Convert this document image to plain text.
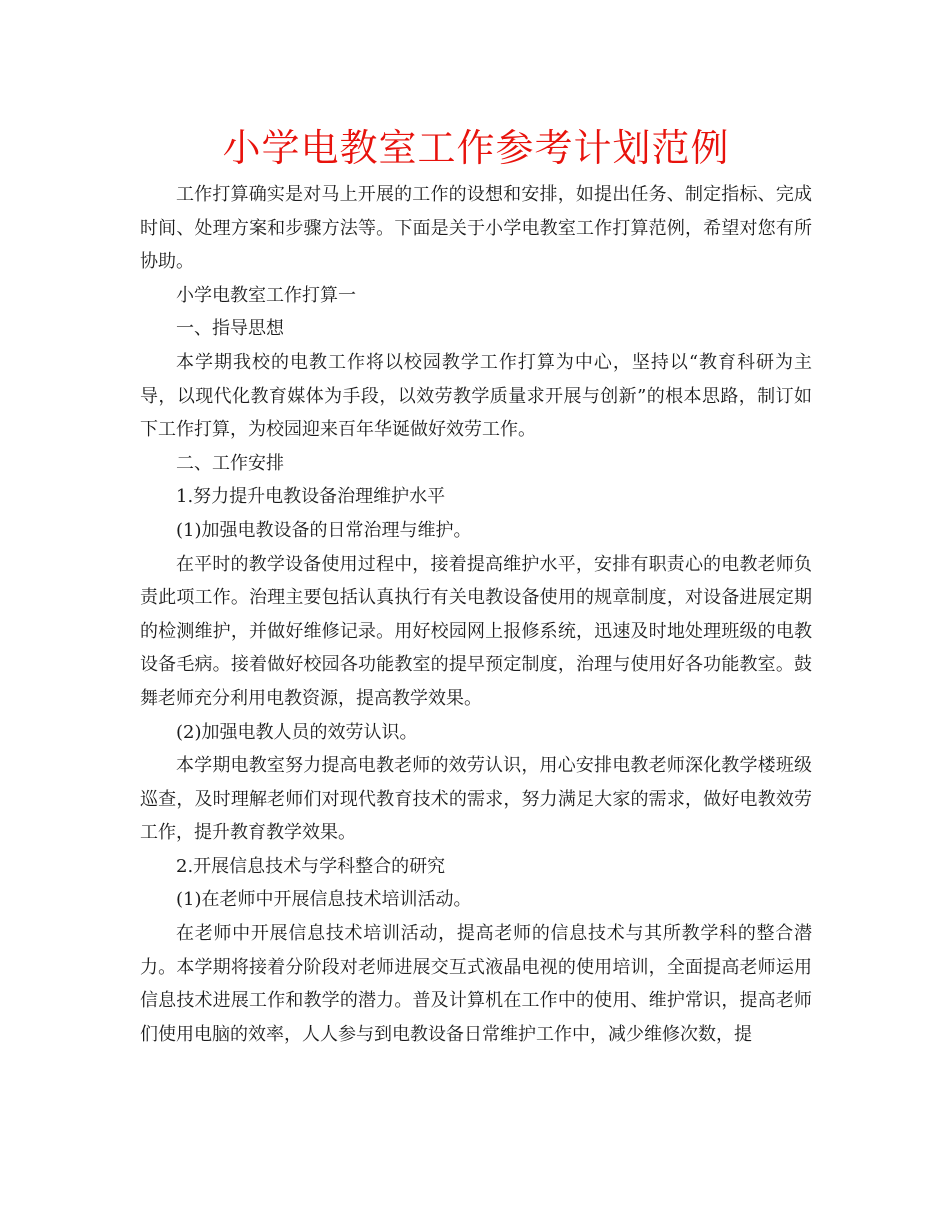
小学电教室工作参考计划范例

工作打算确实是对马上开展的工作的设想和安排，如提出任务、制定指标、完成时间、处理方案和步骤方法等。下面是关于小学电教室工作打算范例，希望对您有所协助。

小学电教室工作打算一

一、指导思想

本学期我校的电教工作将以校园教学工作打算为中心，坚持以“教育科研为主导，以现代化教育媒体为手段，以效劳教学质量求开展与创新”的根本思路，制订如下工作打算，为校园迎来百年华诞做好效劳工作。

二、工作安排

1.努力提升电教设备治理维护水平

(1)加强电教设备的日常治理与维护。

在平时的教学设备使用过程中，接着提高维护水平，安排有职责心的电教老师负责此项工作。治理主要包括认真执行有关电教设备使用的规章制度，对设备进展定期的检测维护，并做好维修记录。用好校园网上报修系统，迅速及时地处理班级的电教设备毛病。接着做好校园各功能教室的提早预定制度，治理与使用好各功能教室。鼓舞老师充分利用电教资源，提高教学效果。

(2)加强电教人员的效劳认识。

本学期电教室努力提高电教老师的效劳认识，用心安排电教老师深化教学楼班级巡查，及时理解老师们对现代教育技术的需求，努力满足大家的需求，做好电教效劳工作，提升教育教学效果。

2.开展信息技术与学科整合的研究

(1)在老师中开展信息技术培训活动。

在老师中开展信息技术培训活动，提高老师的信息技术与其所教学科的整合潜力。本学期将接着分阶段对老师进展交互式液晶电视的使用培训，全面提高老师运用信息技术进展工作和教学的潜力。普及计算机在工作中的使用、维护常识，提高老师们使用电脑的效率，人人参与到电教设备日常维护工作中，减少维修次数，提
